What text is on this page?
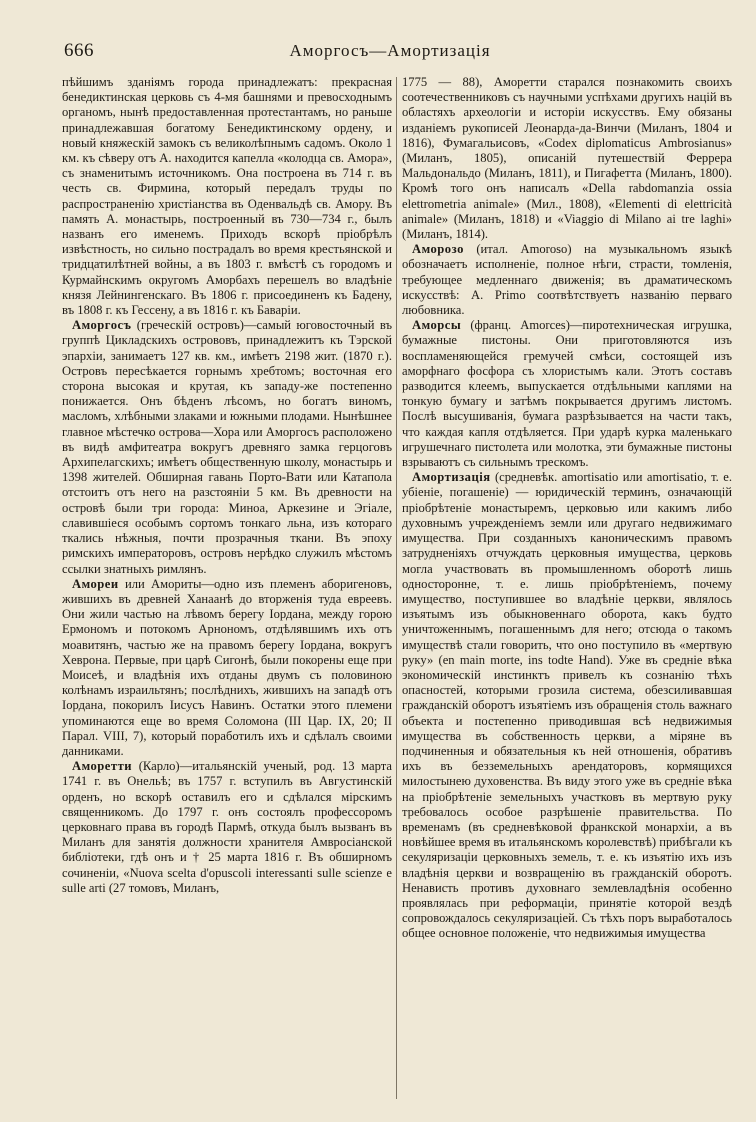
666	Аморгосъ—Амортизація

пѣйшимъ зданіямъ города принадлежатъ: прекрасная бенедиктинская церковь съ 4-мя башнями и превосходнымъ органомъ, нынѣ предоставленная протестантамъ, но раньше принадлежавшая богатому Бенедиктинскому ордену, и новый княжескій замокъ съ великолѣпнымъ садомъ. Около 1 км. къ сѣверу отъ А. находится капелла «колодца св. Амора», съ знаменитымъ источникомъ. Она построена въ 714 г. въ честь св. Фирмина, который передалъ труды по распространенію христіанства въ Оденвальдѣ св. Амору. Въ память А. монастырь, построенный въ 730—734 г., былъ названъ его именемъ. Приходъ вскорѣ пріобрѣлъ извѣстность, но сильно пострадалъ во время крестьянской и тридцатилѣтней войны, а въ 1803 г. вмѣстѣ съ городомъ и Курмайнскимъ округомъ Аморбахъ перешелъ во владѣніе князя Лейнингенскаго. Въ 1806 г. присоединенъ къ Бадену, въ 1808 г. къ Гессену, а въ 1816 г. къ Баваріи.

Аморгосъ (греческій островъ)—самый юговосточный въ группѣ Цикладскихъ острововъ, принадлежитъ къ Тэрской эпархіи, занимаетъ 127 кв. км., имѣетъ 2198 жит. (1870 г.). Островъ пересѣкается горнымъ хребтомъ; восточная его сторона высокая и крутая, къ западу-же постепенно понижается. Онъ бѣденъ лѣсомъ, но богатъ виномъ, масломъ, хлѣбными злаками и южными плодами. Нынѣшнее главное мѣстечко острова—Хора или Аморгосъ расположено въ видѣ амфитеатра вокругъ древняго замка герцоговъ Архипелагскихъ; имѣетъ общественную школу, монастырь и 1398 жителей. Обширная гавань Порто-Вати или Катапола отстоитъ отъ него на разстояніи 5 км. Въ древности на островѣ были три города: Миноа, Аркезине и Эгіале, славившіеся особымъ сортомъ тонкаго льна, изъ котораго ткались нѣжныя, почти прозрачныя ткани. Въ эпоху римскихъ императоровъ, островъ нерѣдко служилъ мѣстомъ ссылки знатныхъ римлянъ.

Амореи или Амориты—одно изъ племенъ аборигеновъ, жившихъ въ древней Ханаанѣ до вторженія туда евреевъ. Они жили частью на лѣвомъ берегу Іордана, между горою Ермономъ и потокомъ Арнономъ, отдѣлявшимъ ихъ отъ моавитянъ, частью же на правомъ берегу Іордана, вокругъ Хеврона. Первые, при царѣ Сигонѣ, были покорены еще при Моисеѣ, и владѣнія ихъ отданы двумъ съ половиною колѣнамъ израильтянъ; послѣднихъ, жившихъ на западѣ отъ Іордана, покорилъ Іисусъ Навинъ. Остатки этого племени упоминаются еще во время Соломона (III Цар. IX, 20; II Парал. VIII, 7), который поработилъ ихъ и сдѣлалъ своими данниками.

Аморетти (Карло)—итальянскій ученый, род. 13 марта 1741 г. въ Онельѣ; въ 1757 г. вступилъ въ Августинскій орденъ, но вскорѣ оставилъ его и сдѣлался мірскимъ священникомъ. До 1797 г. онъ состоялъ профессоромъ церковнаго права въ городѣ Пармѣ, откуда былъ вызванъ въ Миланъ для занятія должности хранителя Амвросіанской библіотеки, гдѣ онъ и † 25 марта 1816 г. Въ обширномъ сочиненіи, «Nuova scelta d'opuscoli interessanti sulle scienze e sulle arti (27 томовъ, Миланъ,

1775 — 88), Аморетти старался познакомить своихъ соотечественниковъ съ научными успѣхами другихъ націй въ областяхъ археологіи и исторіи искусствъ. Ему обязаны изданіемъ рукописей Леонарда-да-Винчи (Миланъ, 1804 и 1816), Фумагальисовъ, «Codex diplomaticus Ambrosianus» (Миланъ, 1805), описаній путешествій Феррера Мальдональдо (Миланъ, 1811), и Пигафетта (Миланъ, 1800). Кромѣ того онъ написалъ «Della rabdomanzia ossia elettrometria animale» (Мил., 1808), «Elementi di elettricità animale» (Миланъ, 1818) и «Viaggio di Milano ai tre laghi» (Миланъ, 1814).

Аморозо (итал. Amoroso) на музыкальномъ языкѣ обозначаетъ исполненіе, полное нѣги, страсти, томленія, требующее медленнаго движенія; въ драматическомъ искусствѣ: A. Primo соотвѣтствуетъ названію перваго любовника.

Аморсы (франц. Amorces)—пиротехническая игрушка, бумажные пистоны. Они приготовляются изъ воспламеняющейся гремучей смѣси, состоящей изъ аморфнаго фосфора съ хлористымъ кали. Этотъ составъ разводится клеемъ, выпускается отдѣльными каплями на тонкую бумагу и затѣмъ покрывается другимъ листомъ. Послѣ высушиванія, бумага разрѣзывается на части такъ, что каждая капля отдѣляется. При ударѣ курка маленькаго игрушечнаго пистолета или молотка, эти бумажные пистоны взрываютъ съ сильнымъ трескомъ.

Амортизація (средневѣк. amortisatio или amortisatio, т. е. убіеніе, погашеніе) — юридическій терминъ, означающій пріобрѣтеніе монастыремъ, церковью или какимъ либо духовнымъ учрежденіемъ земли или другаго недвижимаго имущества. При созданныхъ каноническимъ правомъ затрудненіяхъ отчуждать церковныя имущества, церковь могла участвовать въ промышленномъ оборотѣ лишь односторонне, т. е. лишь пріобрѣтеніемъ, почему имущество, поступившее во владѣніе церкви, являлось изъятымъ изъ обыкновеннаго оборота, какъ будто уничтоженнымъ, погашеннымъ для него; отсюда о такомъ имуществѣ стали говорить, что оно поступило въ «мертвую руку» (en main morte, ins todte Hand). Уже въ средніе вѣка экономическій инстинктъ привелъ къ сознанію тѣхъ опасностей, которыми грозила система, обезсиливавшая гражданскій оборотъ изъятіемъ изъ обращенія столь важнаго объекта и постепенно приводившая всѣ недвижимыя имущества въ собственность церкви, а міряне въ подчиненныя и обязательныя къ ней отношенія, обративъ ихъ въ безземельныхъ арендаторовъ, кормящихся милостынею духовенства. Въ виду этого уже въ средніе вѣка на пріобрѣтеніе земельныхъ участковъ въ мертвую руку требовалось особое разрѣшеніе правительства. По временамъ (въ средневѣковой франкской монархіи, а въ новѣйшее время въ итальянскомъ королевствѣ) прибѣгали къ секуляризаціи церковныхъ земель, т. е. къ изъятію ихъ изъ владѣнія церкви и возвращенію въ гражданскій оборотъ. Ненависть противъ духовнаго землевладѣнія особенно проявлялась при реформаціи, принятіе которой вездѣ сопровождалось секуляризаціей. Съ тѣхъ поръ выработалось общее основное положеніе, что недвижимыя имущества
